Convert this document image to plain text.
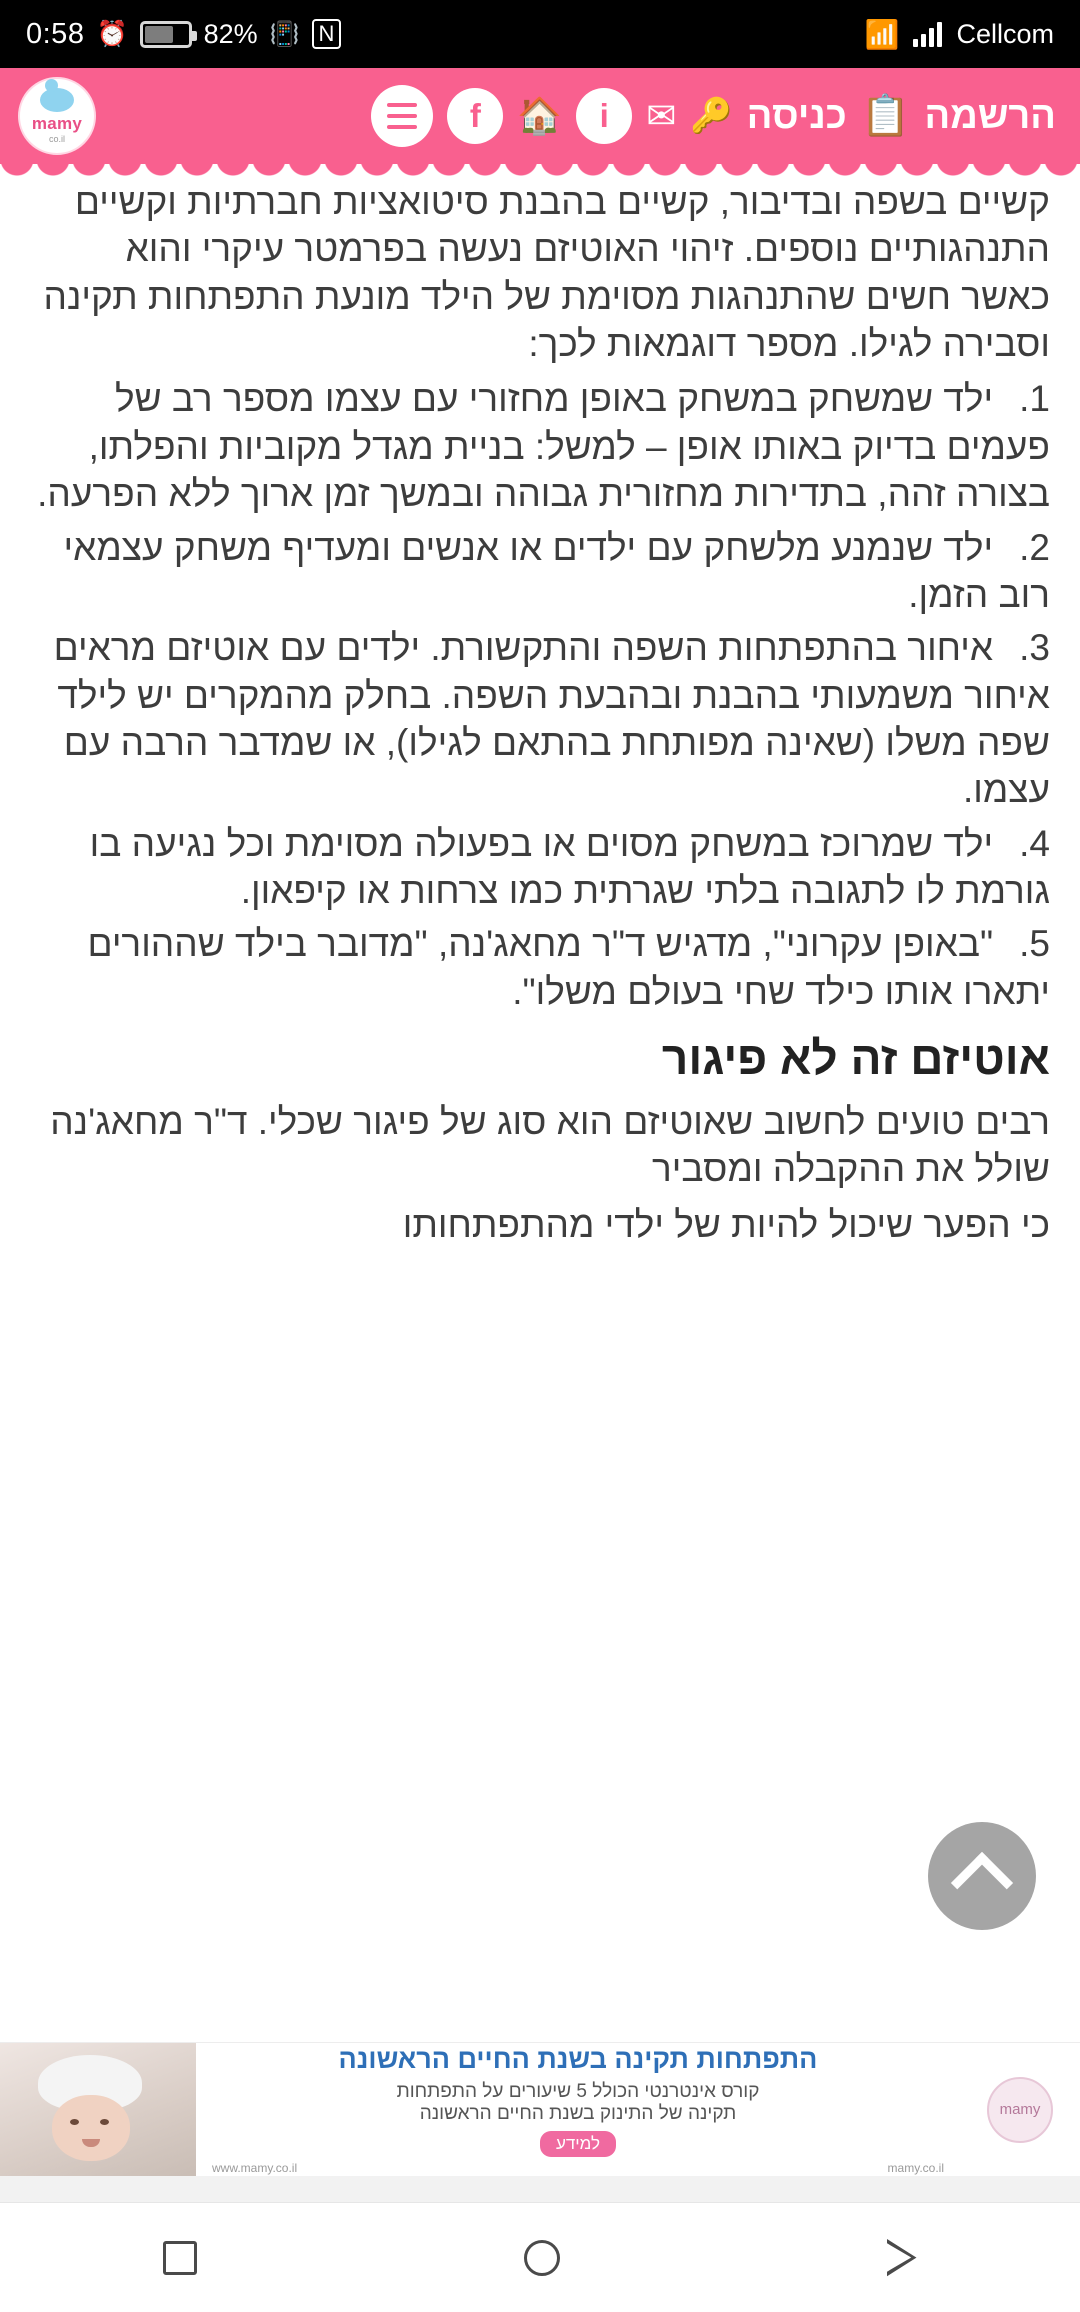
0:58 ⏰	82% 📳 N	📶 Cellcom
mamy
co.il
הרשמה
📋
כניסה
🔑
✉
i
🏠
f

קשיים בשפה ובדיבור, קשיים בהבנת סיטואציות חברתיות וקשיים התנהגותיים נוספים. זיהוי האוטיזם נעשה בפרמטר עיקרי והוא כאשר חשים שהתנהגות מסוימת של הילד מונעת התפתחות תקינה וסבירה לגילו. מספר דוגמאות לכך:

1.ילד שמשחק במשחק באופן מחזורי עם עצמו מספר רב של פעמים בדיוק באותו אופן – למשל: בניית מגדל מקוביות והפלתו, בצורה זהה, בתדירות מחזורית גבוהה ובמשך זמן ארוך ללא הפרעה.
2.ילד שנמנע מלשחק עם ילדים או אנשים ומעדיף משחק עצמאי רוב הזמן.
3.איחור בהתפתחות השפה והתקשורת. ילדים עם אוטיזם מראים איחור משמעותי בהבנת ובהבעת השפה. בחלק מהמקרים יש לילד שפה משלו (שאינה מפותחת בהתאם לגילו), או שמדבר הרבה עם עצמו.
4.ילד שמרוכז במשחק מסוים או בפעולה מסוימת וכל נגיעה בו גורמת לו לתגובה בלתי שגרתית כמו צרחות או קיפאון.
5."באופן עקרוני", מדגיש ד"ר מחאג'נה, "מדובר בילד שההורים יתארו אותו כילד שחי בעולם משלו".
אוטיזם זה לא פיגור

רבים טועים לחשוב שאוטיזם הוא סוג של פיגור שכלי. ד"ר מחאג'נה שולל את ההקבלה ומסביר

כי הפער שיכול להיות של ילדי מהתפתחותו

mamy
התפתחות תקינה בשנת החיים הראשונה
קורס אינטרנטי הכולל 5 שיעורים על התפתחות
תקינה של התינוק בשנת החיים הראשונה
למידע
mamy.co.il
www.mamy.co.il
